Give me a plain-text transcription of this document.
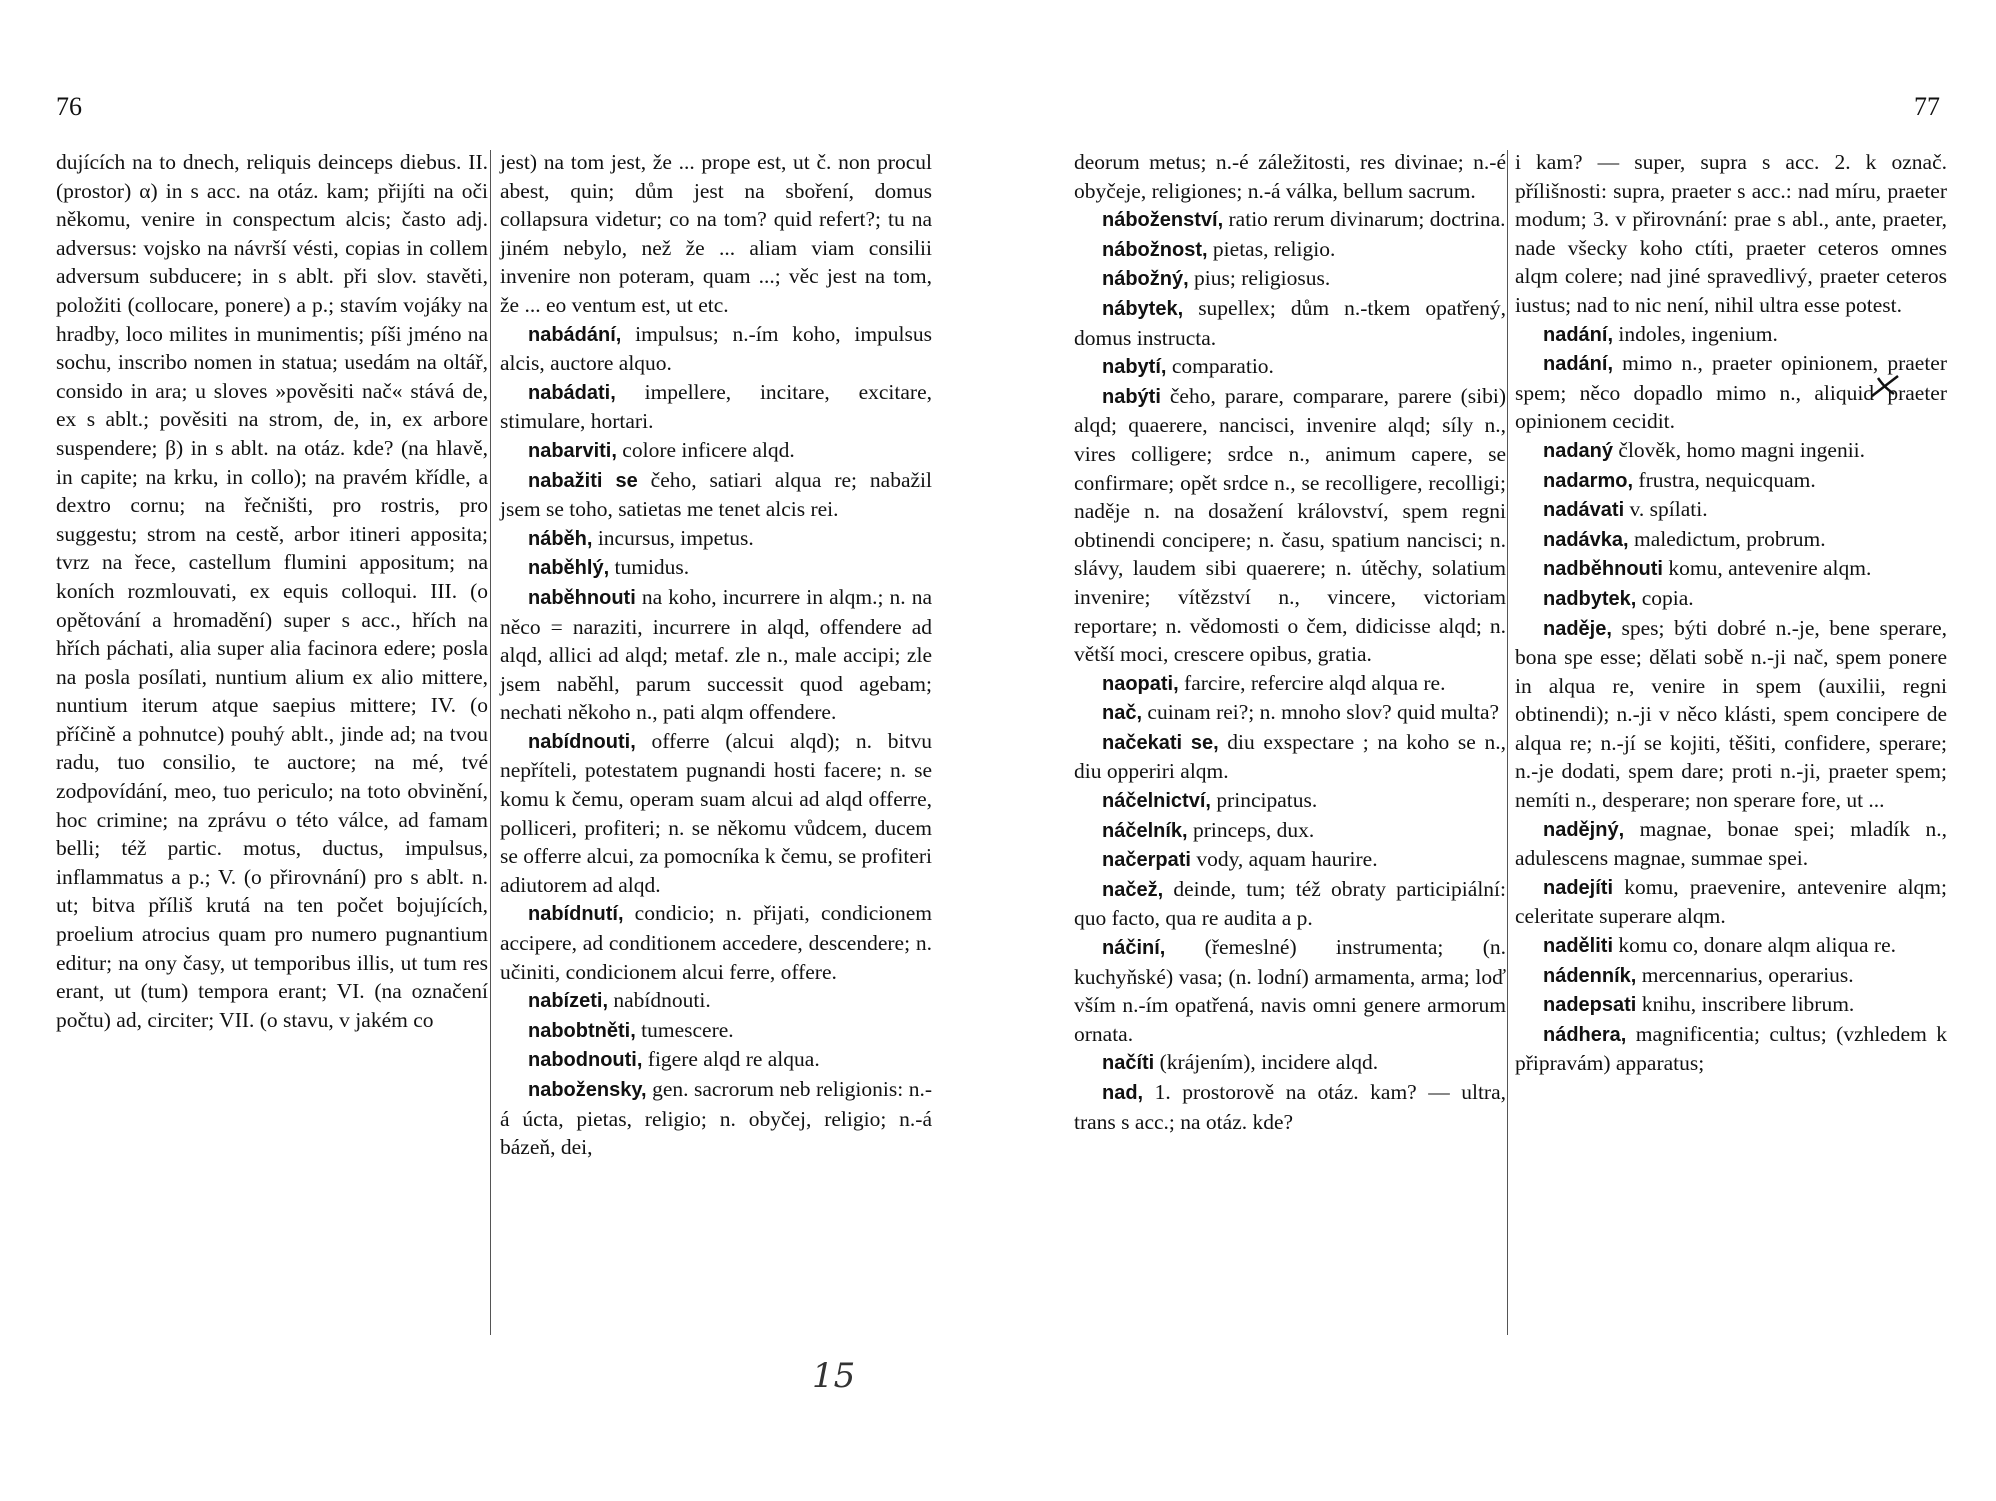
76	77

dujících na to dnech, reliquis deinceps diebus. II. (prostor) α) in s acc. na otáz. kam; přijíti na oči někomu, venire in conspectum alcis; často adj. adversus: vojsko na návrší vésti, copias in collem adversum subducere; in s ablt. při slov. stavěti, položiti (collocare, ponere) a p.; stavím vojáky na hradby, loco milites in munimentis; píši jméno na sochu, inscribo nomen in statua; usedám na oltář, consido in ara; u sloves »pověsiti nač« stává de, ex s ablt.; pověsiti na strom, de, in, ex arbore suspendere; β) in s ablt. na otáz. kde? (na hlavě, in capite; na krku, in collo); na pravém křídle, a dextro cornu; na řečništi, pro rostris, pro suggestu; strom na cestě, arbor itineri apposita; tvrz na řece, castellum flumini appositum; na koních rozmlouvati, ex equis colloqui. III. (o opětování a hromadění) super s acc., hřích na hřích páchati, alia super alia facinora edere; posla na posla posílati, nuntium alium ex alio mittere, nuntium iterum atque saepius mittere; IV. (o příčině a pohnutce) pouhý ablt., jinde ad; na tvou radu, tuo consilio, te auctore; na mé, tvé zodpovídání, meo, tuo periculo; na toto obvinění, hoc crimine; na zprávu o této válce, ad famam belli; též partic. motus, ductus, impulsus, inflammatus a p.; V. (o přirovnání) pro s ablt. n. ut; bitva příliš krutá na ten počet bojujících, proelium atrocius quam pro numero pugnantium editur; na ony časy, ut temporibus illis, ut tum res erant, ut (tum) tempora erant; VI. (na označení počtu) ad, circiter; VII. (o stavu, v jakém co

jest) na tom jest, že ... prope est, ut č. non procul abest, quin; dům jest na sboření, domus collapsura videtur; co na tom? quid refert?; tu na jiném nebylo, než že ... aliam viam consilii invenire non poteram, quam ...; věc jest na tom, že ... eo ventum est, ut etc.

nabádání, impulsus; n.-ím koho, impulsus alcis, auctore alquo.

nabádati, impellere, incitare, excitare, stimulare, hortari.

nabarviti, colore inficere alqd.

nabažiti se čeho, satiari alqua re; nabažil jsem se toho, satietas me tenet alcis rei.

náběh, incursus, impetus.

naběhlý, tumidus.

naběhnouti na koho, incurrere in alqm.; n. na něco = naraziti, incurrere in alqd, offendere ad alqd, allici ad alqd; metaf. zle n., male accipi; zle jsem naběhl, parum successit quod agebam; nechati někoho n., pati alqm offendere.

nabídnouti, offerre (alcui alqd); n. bitvu nepříteli, potestatem pugnandi hosti facere; n. se komu k čemu, operam suam alcui ad alqd offerre, polliceri, profiteri; n. se někomu vůdcem, ducem se offerre alcui, za pomocníka k čemu, se profiteri adiutorem ad alqd.

nabídnutí, condicio; n. přijati, condicionem accipere, ad conditionem accedere, descendere; n. učiniti, condicionem alcui ferre, offere.

nabízeti, nabídnouti.

nabobtněti, tumescere.

nabodnouti, figere alqd re alqua.

nabožensky, gen. sacrorum neb religionis: n.-á úcta, pietas, religio; n. obyčej, religio; n.-á bázeň, dei,

deorum metus; n.-é záležitosti, res divinae; n.-é obyčeje, religiones; n.-á válka, bellum sacrum.

náboženství, ratio rerum divinarum; doctrina.

nábožnost, pietas, religio.

nábožný, pius; religiosus.

nábytek, supellex; dům n.-tkem opatřený, domus instructa.

nabytí, comparatio.

nabýti čeho, parare, comparare, parere (sibi) alqd; quaerere, nancisci, invenire alqd; síly n., vires colligere; srdce n., animum capere, se confirmare; opět srdce n., se recolligere, recolligi; naděje n. na dosažení království, spem regni obtinendi concipere; n. času, spatium nancisci; n. slávy, laudem sibi quaerere; n. útěchy, solatium invenire; vítězství n., vincere, victoriam reportare; n. vědomosti o čem, didicisse alqd; n. větší moci, crescere opibus, gratia.

naopati, farcire, refercire alqd alqua re.

nač, cuinam rei?; n. mnoho slov? quid multa?

načekati se, diu exspectare ; na koho se n., diu opperiri alqm.

náčelnictví, principatus.

náčelník, princeps, dux.

načerpati vody, aquam haurire.

načež, deinde, tum; též obraty participiální: quo facto, qua re audita a p.

náčiní, (řemeslné) instrumenta; (n. kuchyňské) vasa; (n. lodní) armamenta, arma; loď vším n.-ím opatřená, navis omni genere armorum ornata.

načíti (krájením), incidere alqd.

nad, 1. prostorově na otáz. kam? — ultra, trans s acc.; na otáz. kde?

i kam? — super, supra s acc. 2. k označ. přílišnosti: supra, praeter s acc.: nad míru, praeter modum; 3. v přirovnání: prae s abl., ante, praeter, nade všecky koho ctíti, praeter ceteros omnes alqm colere; nad jiné spravedlivý, praeter ceteros iustus; nad to nic není, nihil ultra esse potest.

nadání, indoles, ingenium.

nadání, mimo n., praeter opinionem, praeter spem; něco dopadlo mimo n., aliquid praeter opinionem cecidit.

nadaný člověk, homo magni ingenii.

nadarmo, frustra, nequicquam.

nadávati v. spílati.

nadávka, maledictum, probrum.

nadběhnouti komu, antevenire alqm.

nadbytek, copia.

naděje, spes; býti dobré n.-je, bene sperare, bona spe esse; dělati sobě n.-ji nač, spem ponere in alqua re, venire in spem (auxilii, regni obtinendi); n.-ji v něco klásti, spem concipere de alqua re; n.-jí se kojiti, těšiti, confidere, sperare; n.-je dodati, spem dare; proti n.-ji, praeter spem; nemíti n., desperare; non sperare fore, ut ...

nadějný, magnae, bonae spei; mladík n., adulescens magnae, summae spei.

nadejíti komu, praevenire, antevenire alqm; celeritate superare alqm.

naděliti komu co, donare alqm aliqua re.

nádenník, mercennarius, operarius.

nadepsati knihu, inscribere librum.

nádhera, magnificentia; cultus; (vzhledem k připravám) apparatus;

15
